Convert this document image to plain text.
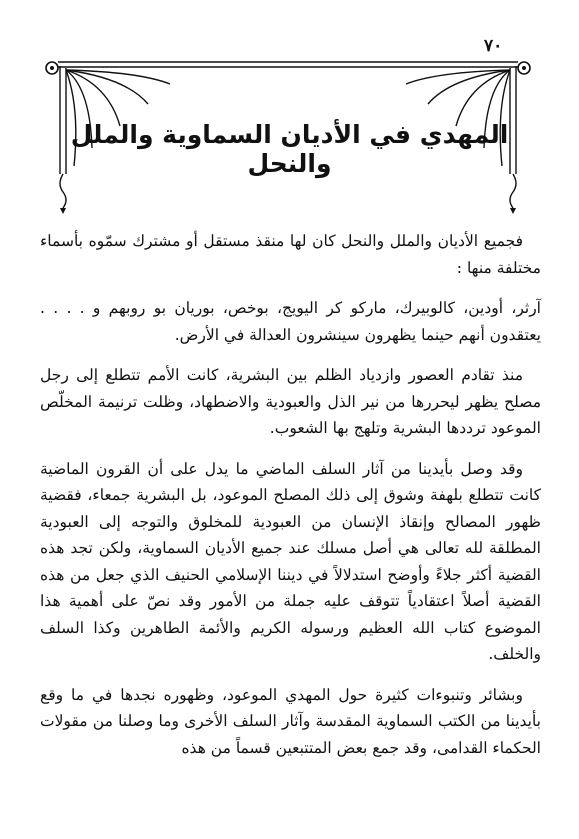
٧٠
المهدي في الأديان السماوية والملل والنحل

فجميع الأديان والملل والنحل كان لها منقذ مستقل أو مشترك سمّوه بأسماء مختلفة منها :

آرثر، أودين، كالوبيرك، ماركو كر اليويج، بوخص، بوريان بو روبهم و . . . . يعتقدون أنهم حينما يظهرون سينشرون العدالة في الأرض.

منذ تقادم العصور وازدياد الظلم بين البشرية، كانت الأمم تتطلع إلى رجل مصلح يظهر ليحررها من نير الذل والعبودية والاضطهاد، وظلت ترنيمة المخلّص الموعود ترددها البشرية وتلهج بها الشعوب.

وقد وصل بأيدينا من آثار السلف الماضي ما يدل على أن القرون الماضية كانت تتطلع بلهفة وشوق إلى ذلك المصلح الموعود، بل البشرية جمعاء، فقضية ظهور المصالح وإنقاذ الإنسان من العبودية للمخلوق والتوجه إلى العبودية المطلقة لله تعالى هي أصل مسلك عند جميع الأديان السماوية، ولكن تجد هذه القضية أكثر جلاءً وأوضح استدلالاً في ديننا الإسلامي الحنيف الذي جعل من هذه القضية أصلاً اعتقادياً تتوقف عليه جملة من الأمور وقد نصّ على أهمية هذا الموضوع كتاب الله العظيم ورسوله الكريم والأئمة الطاهرين وكذا السلف والخلف.

وبشائر وتنبوءات كثيرة حول المهدي الموعود، وظهوره نجدها في ما وقع بأيدينا من الكتب السماوية المقدسة وآثار السلف الأخرى وما وصلنا من مقولات الحكماء القدامى، وقد جمع بعض المتتبعين قسماً من هذه
